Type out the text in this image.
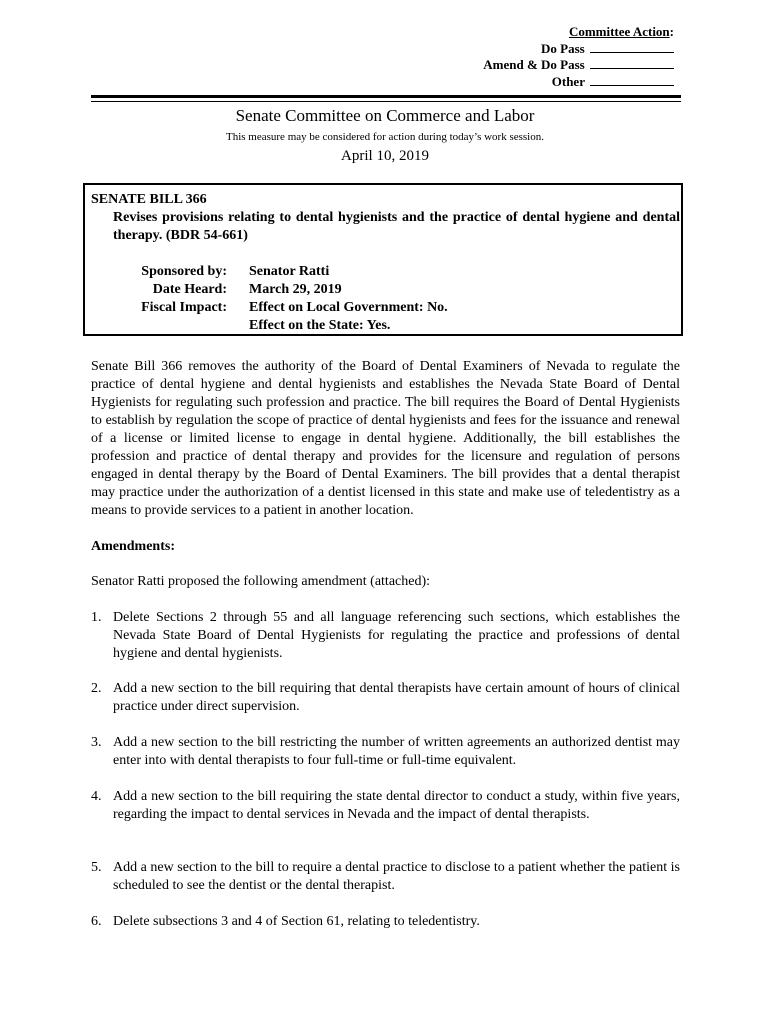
Committee Action:
Do Pass
Amend & Do Pass
Other
Senate Committee on Commerce and Labor
This measure may be considered for action during today’s work session.
April 10, 2019
SENATE BILL 366
Revises provisions relating to dental hygienists and the practice of dental hygiene and dental therapy. (BDR 54-661)
Sponsored by: Senator Ratti
Date Heard: March 29, 2019
Fiscal Impact: Effect on Local Government: No.
Effect on the State: Yes.
Senate Bill 366 removes the authority of the Board of Dental Examiners of Nevada to regulate the practice of dental hygiene and dental hygienists and establishes the Nevada State Board of Dental Hygienists for regulating such profession and practice. The bill requires the Board of Dental Hygienists to establish by regulation the scope of practice of dental hygienists and fees for the issuance and renewal of a license or limited license to engage in dental hygiene. Additionally, the bill establishes the profession and practice of dental therapy and provides for the licensure and regulation of persons engaged in dental therapy by the Board of Dental Examiners. The bill provides that a dental therapist may practice under the authorization of a dentist licensed in this state and make use of teledentistry as a means to provide services to a patient in another location.
Amendments:
Senator Ratti proposed the following amendment (attached):
1. Delete Sections 2 through 55 and all language referencing such sections, which establishes the Nevada State Board of Dental Hygienists for regulating the practice and professions of dental hygiene and dental hygienists.
2. Add a new section to the bill requiring that dental therapists have certain amount of hours of clinical practice under direct supervision.
3. Add a new section to the bill restricting the number of written agreements an authorized dentist may enter into with dental therapists to four full-time or full-time equivalent.
4. Add a new section to the bill requiring the state dental director to conduct a study, within five years, regarding the impact to dental services in Nevada and the impact of dental therapists.
5. Add a new section to the bill to require a dental practice to disclose to a patient whether the patient is scheduled to see the dentist or the dental therapist.
6. Delete subsections 3 and 4 of Section 61, relating to teledentistry.
